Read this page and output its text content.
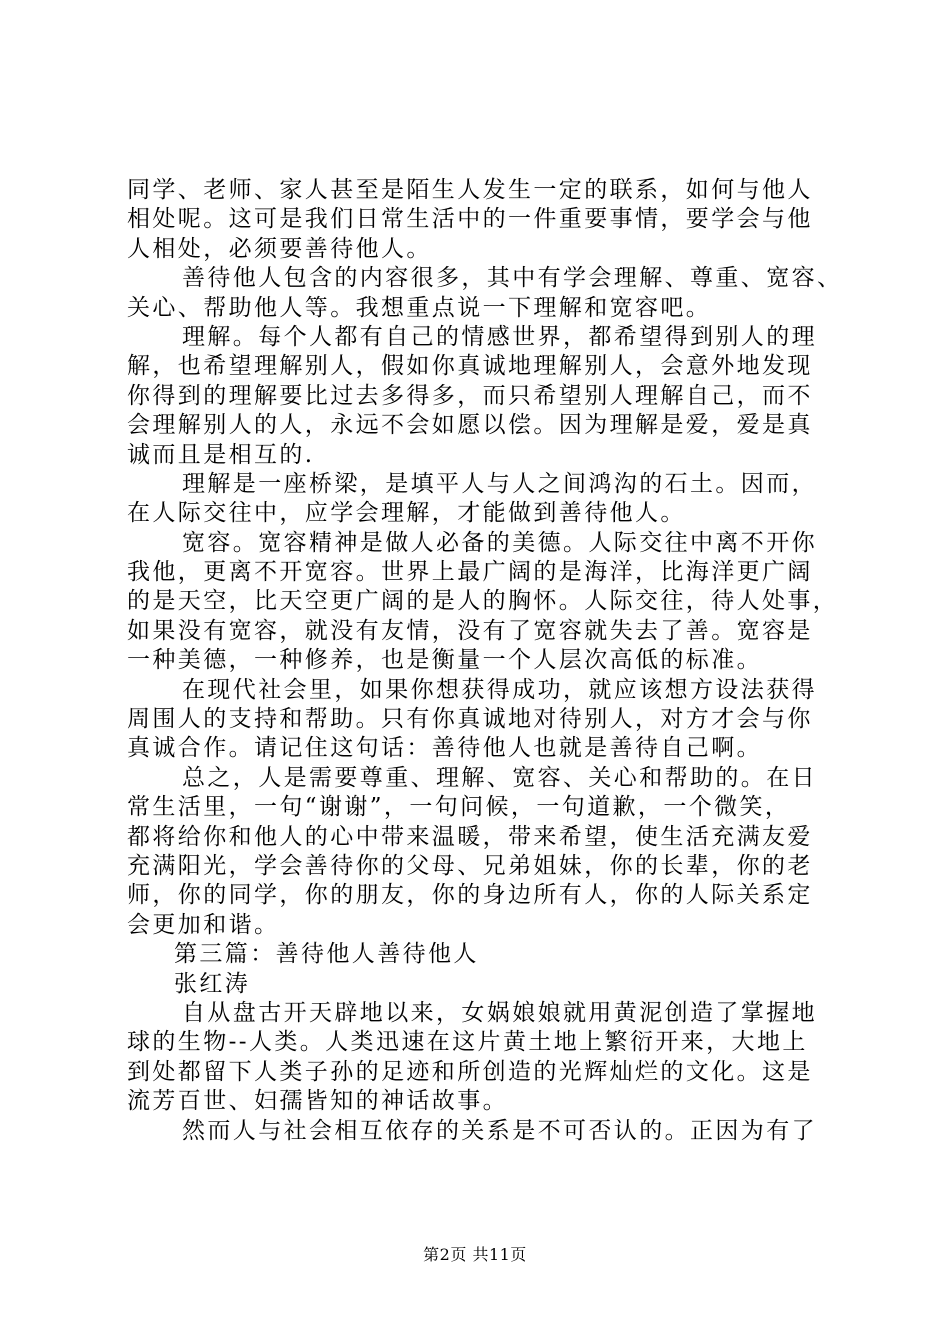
同学、老师、家人甚至是陌生人发生一定的联系，如何与他人
相处呢。这可是我们日常生活中的一件重要事情，要学会与他
人相处，必须要善待他人。
善待他人包含的内容很多，其中有学会理解、尊重、宽容、
关心、帮助他人等。我想重点说一下理解和宽容吧。
理解。每个人都有自己的情感世界，都希望得到别人的理
解，也希望理解别人，假如你真诚地理解别人，会意外地发现
你得到的理解要比过去多得多，而只希望别人理解自己，而不
会理解别人的人，永远不会如愿以偿。因为理解是爱，爱是真
诚而且是相互的.
理解是一座桥梁，是填平人与人之间鸿沟的石土。因而，
在人际交往中，应学会理解，才能做到善待他人。
宽容。宽容精神是做人必备的美德。人际交往中离不开你
我他，更离不开宽容。世界上最广阔的是海洋，比海洋更广阔
的是天空，比天空更广阔的是人的胸怀。人际交往，待人处事，
如果没有宽容，就没有友情，没有了宽容就失去了善。宽容是
一种美德，一种修养，也是衡量一个人层次高低的标准。
在现代社会里，如果你想获得成功，就应该想方设法获得
周围人的支持和帮助。只有你真诚地对待别人，对方才会与你
真诚合作。请记住这句话：善待他人也就是善待自己啊。
总之，人是需要尊重、理解、宽容、关心和帮助的。在日
常生活里，一句“谢谢”，一句问候，一句道歉，一个微笑，
都将给你和他人的心中带来温暖，带来希望，使生活充满友爱
充满阳光，学会善待你的父母、兄弟姐妹，你的长辈，你的老
师，你的同学，你的朋友，你的身边所有人，你的人际关系定
会更加和谐。
第三篇：善待他人善待他人
张红涛
自从盘古开天辟地以来，女娲娘娘就用黄泥创造了掌握地
球的生物--人类。人类迅速在这片黄土地上繁衍开来，大地上
到处都留下人类子孙的足迹和所创造的光辉灿烂的文化。这是
流芳百世、妇孺皆知的神话故事。
然而人与社会相互依存的关系是不可否认的。正因为有了
第2页 共11页
